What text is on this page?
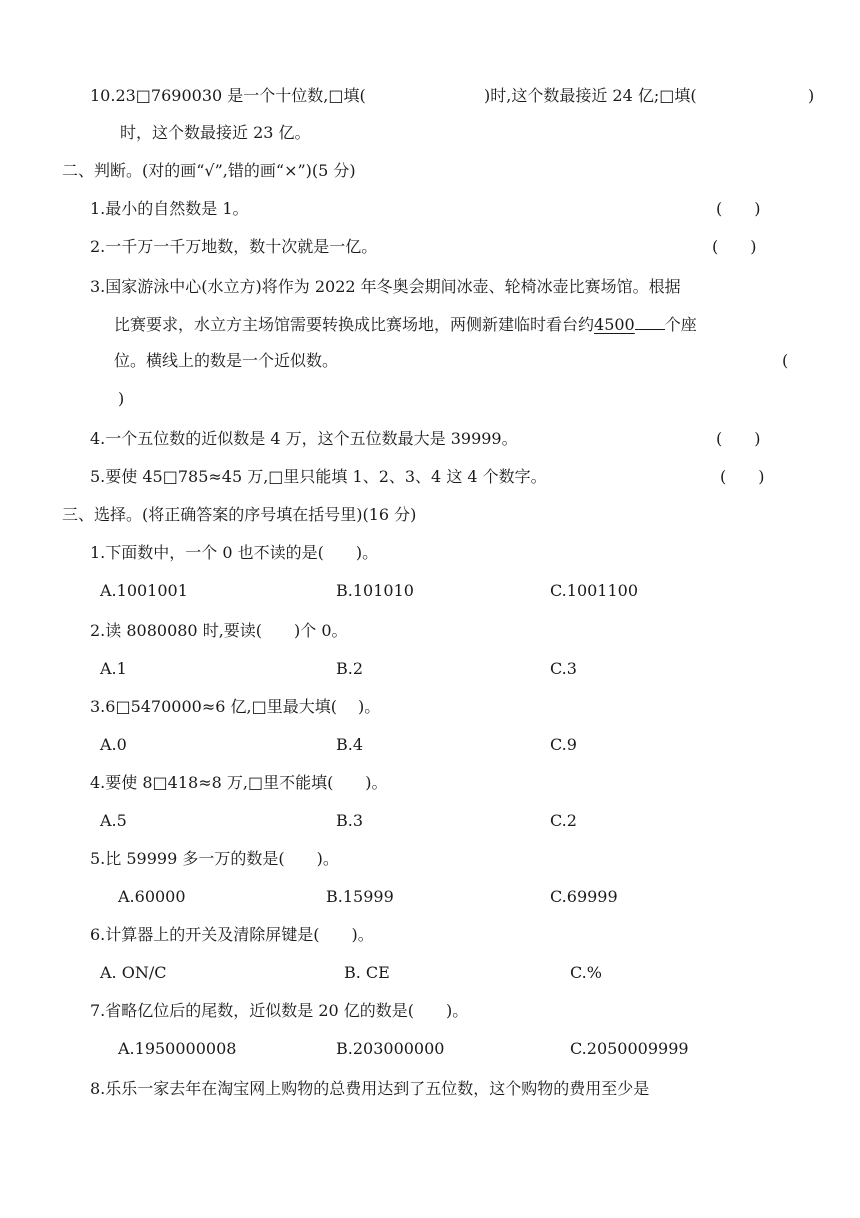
10.23□7690030 是一个十位数,□填(	)时,这个数最接近 24 亿;□填(	)
时，这个数最接近 23 亿。
二、判断。(对的画“√”,错的画“×”)(5 分)
1.最小的自然数是 1。	(　　)
2.一千万一千万地数，数十次就是一亿。	(　　)
3.国家游泳中心(水立方)将作为 2022 年冬奥会期间冰壶、轮椅冰壶比赛场馆。根据
比赛要求，水立方主场馆需要转换成比赛场地，两侧新建临时看台约4500 个座
位。横线上的数是一个近似数。	(
)
4.一个五位数的近似数是 4 万，这个五位数最大是 39999。	(　　)
5.要使 45□785≈45 万,□里只能填 1、2、3、4 这 4 个数字。	(　　)
三、选择。(将正确答案的序号填在括号里)(16 分)
1.下面数中，一个 0 也不读的是(　　)。
A.1001001	B.101010	C.1001100
2.读 8080080 时,要读(　　)个 0。
A.1	B.2	C.3
3.6□5470000≈6 亿,□里最大填(　 )。
A.0	B.4	C.9
4.要使 8□418≈8 万,□里不能填(　　)。
A.5	B.3	C.2
5.比 59999 多一万的数是(　　)。
A.60000	B.15999	C.69999
6.计算器上的开关及清除屏键是(　　)。
A. ON/C	B. CE	C.%
7.省略亿位后的尾数，近似数是 20 亿的数是(　　)。
A.1950000008	B.203000000	C.2050009999
8.乐乐一家去年在淘宝网上购物的总费用达到了五位数，这个购物的费用至少是
